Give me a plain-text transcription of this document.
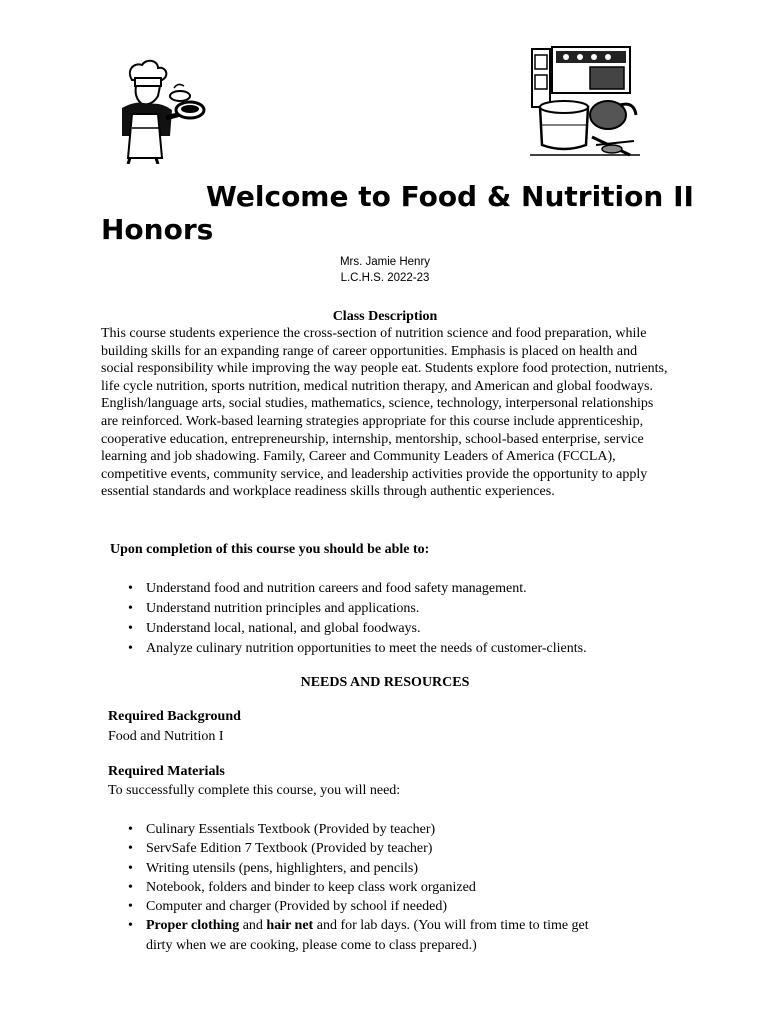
Welcome to Food & Nutrition II Honors
Mrs. Jamie Henry
L.C.H.S. 2022-23
Class Description

This course students experience the cross-section of nutrition science and food preparation, while building skills for an expanding range of career opportunities. Emphasis is placed on health and social responsibility while improving the way people eat. Students explore food protection, nutrients, life cycle nutrition, sports nutrition, medical nutrition therapy, and American and global foodways. English/language arts, social studies, mathematics, science, technology, interpersonal relationships are reinforced. Work-based learning strategies appropriate for this course include apprenticeship, cooperative education, entrepreneurship, internship, mentorship, school-based enterprise, service learning and job shadowing. Family, Career and Community Leaders of America (FCCLA), competitive events, community service, and leadership activities provide the opportunity to apply essential standards and workplace readiness skills through authentic experiences.

Upon completion of this course you should be able to:
• Understand food and nutrition careers and food safety management.
• Understand nutrition principles and applications.
• Understand local, national, and global foodways.
• Analyze culinary nutrition opportunities to meet the needs of customer-clients.
NEEDS AND RESOURCES
Required Background
Food and Nutrition I
Required Materials
To successfully complete this course, you will need:
• Culinary Essentials Textbook (Provided by teacher)
• ServSafe Edition 7 Textbook (Provided by teacher)
• Writing utensils (pens, highlighters, and pencils)
• Notebook, folders and binder to keep class work organized
• Computer and charger (Provided by school if needed)
• Proper clothing and hair net and for lab days. (You will from time to time get dirty when we are cooking, please come to class prepared.)
